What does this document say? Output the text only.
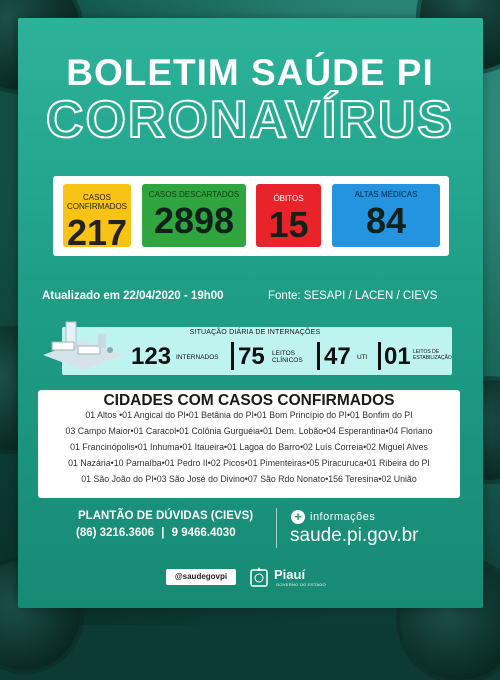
BOLETIM SAÚDE PI
CORONAVÍRUS
CASOS CONFIRMADOS
217
CASOS DESCARTADOS
2898
ÓBITOS
15
ALTAS MÉDICAS
84
Atualizado em 22/04/2020 - 19h00	Fonte: SESAPI / LACEN / CIEVS
SITUAÇÃO DIÁRIA DE INTERNAÇÕES
123 INTERNADOS 75 LEITOS CLÍNICOS 47 UTI 01 LEITOS DE ESTABILIZAÇÃO
CIDADES COM CASOS CONFIRMADOS
01 Altos •01 Angical do PI•01 Betânia do PI•01 Bom Princípio do PI•01 Bonfim do PI
03 Campo Maior•01 Caracol•01 Colônia Gurguéia•01 Dem. Lobão•04 Esperantina•04 Floriano
01 Francinópolis•01 Inhuma•01 Itaueira•01 Lagoa do Barro•02 Luís Correia•02 Miguel Alves
01 Nazária•10 Parnaíba•01 Pedro II•02 Picos•01 Pimenteiras•05 Piracuruca•01 Ribeira do PI
01 São João do PI•03 São José do Divino•07 São Rdo Nonato•156 Teresina•02 União
PLANTÃO DE DÚVIDAS (CIEVS)
(86) 3216.3606 | 9 9466.4030
+ informações
saude.pi.gov.br
@saudegovpi	Piauí
GOVERNO DO ESTADO
